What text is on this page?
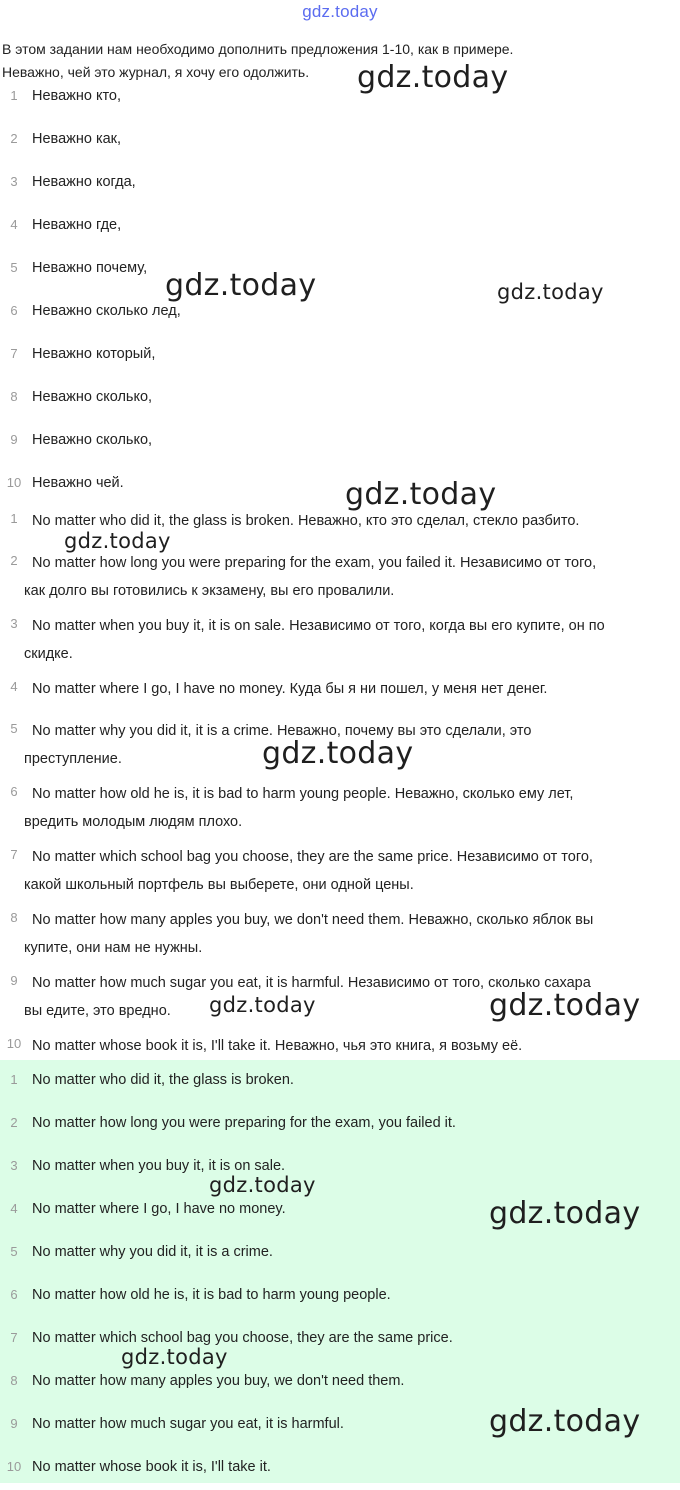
gdz.today
В этом задании нам необходимо дополнить предложения 1-10, как в примере.
Неважно, чей это журнал, я хочу его одолжить.
1 Неважно кто,
2 Неважно как,
3 Неважно когда,
4 Неважно где,
5 Неважно почему,
6 Неважно сколько лед,
7 Неважно который,
8 Неважно сколько,
9 Неважно сколько,
10 Неважно чей.
1 No matter who did it, the glass is broken. Неважно, кто это сделал, стекло разбито.
2 No matter how long you were preparing for the exam, you failed it. Независимо от того,
как долго вы готовились к экзамену, вы его провалили.
3 No matter when you buy it, it is on sale. Независимо от того, когда вы его купите, он по
скидке.
4 No matter where I go, I have no money. Куда бы я ни пошел, у меня нет денег.
5 No matter why you did it, it is a crime. Неважно, почему вы это сделали, это
преступление.
6 No matter how old he is, it is bad to harm young people. Неважно, сколько ему лет,
вредить молодым людям плохо.
7 No matter which school bag you choose, they are the same price. Независимо от того,
какой школьный портфель вы выберете, они одной цены.
8 No matter how many apples you buy, we don't need them. Неважно, сколько яблок вы
купите, они нам не нужны.
9 No matter how much sugar you eat, it is harmful. Независимо от того, сколько сахара
вы едите, это вредно.
10 No matter whose book it is, I'll take it. Неважно, чья это книга, я возьму её.
1 No matter who did it, the glass is broken.
2 No matter how long you were preparing for the exam, you failed it.
3 No matter when you buy it, it is on sale.
4 No matter where I go, I have no money.
5 No matter why you did it, it is a crime.
6 No matter how old he is, it is bad to harm young people.
7 No matter which school bag you choose, they are the same price.
8 No matter how many apples you buy, we don't need them.
9 No matter how much sugar you eat, it is harmful.
10 No matter whose book it is, I'll take it.
gdz.today
gdz.today	gdz.today
gdz.today
gdz.today
gdz.today
gdz.today	gdz.today
gdz.today
gdz.today
gdz.today
gdz.today
